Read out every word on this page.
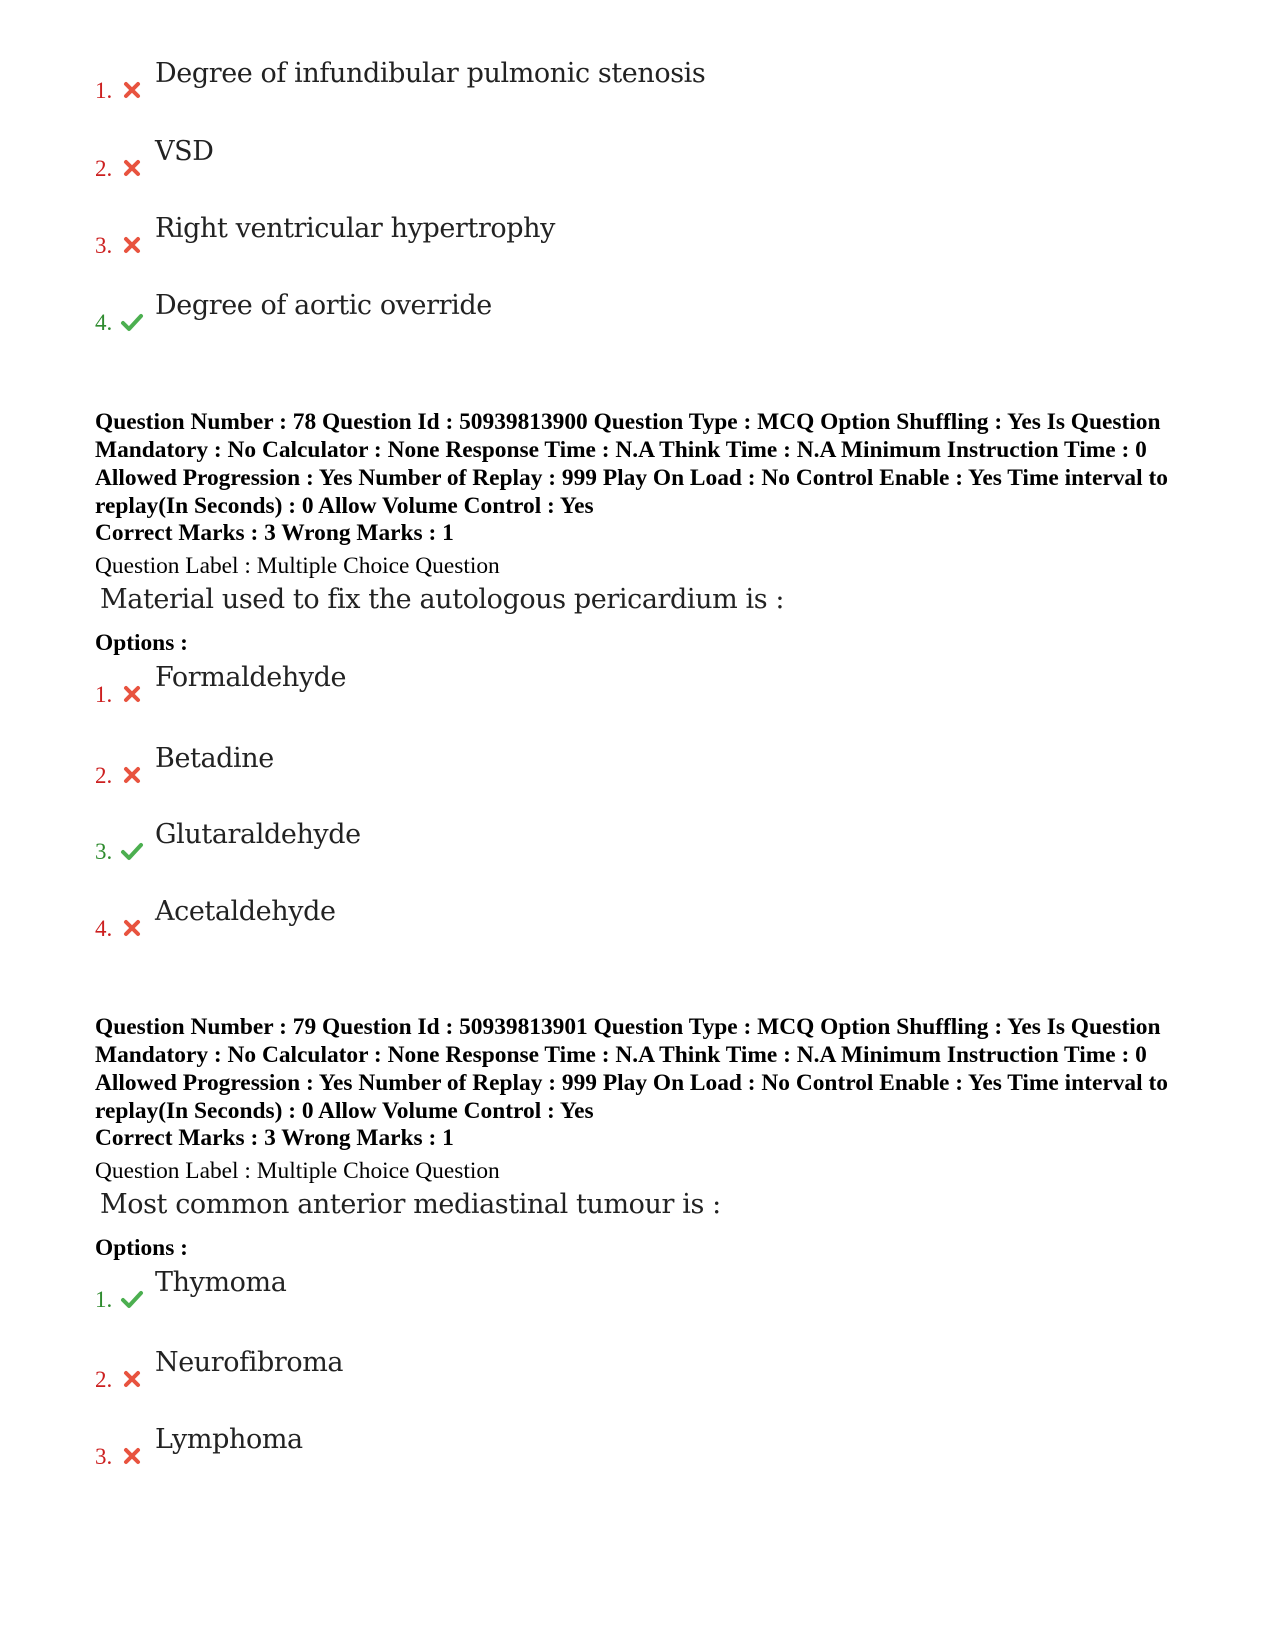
1.
Degree of infundibular pulmonic stenosis
2.
VSD
3.
Right ventricular hypertrophy
4.
Degree of aortic override
Question Number : 78 Question Id : 50939813900 Question Type : MCQ Option Shuffling : Yes Is Question Mandatory : No Calculator : None Response Time : N.A Think Time : N.A Minimum Instruction Time : 0 Allowed Progression : Yes Number of Replay : 999 Play On Load : No Control Enable : Yes Time interval to replay(In Seconds) : 0 Allow Volume Control : Yes
Correct Marks : 3 Wrong Marks : 1
Question Label : Multiple Choice Question
Material used to fix the autologous pericardium is :
Options :
1.
Formaldehyde
2.
Betadine
3.
Glutaraldehyde
4.
Acetaldehyde
Question Number : 79 Question Id : 50939813901 Question Type : MCQ Option Shuffling : Yes Is Question Mandatory : No Calculator : None Response Time : N.A Think Time : N.A Minimum Instruction Time : 0 Allowed Progression : Yes Number of Replay : 999 Play On Load : No Control Enable : Yes Time interval to replay(In Seconds) : 0 Allow Volume Control : Yes
Correct Marks : 3 Wrong Marks : 1
Question Label : Multiple Choice Question
Most common anterior mediastinal tumour is :
Options :
1.
Thymoma
2.
Neurofibroma
3.
Lymphoma
